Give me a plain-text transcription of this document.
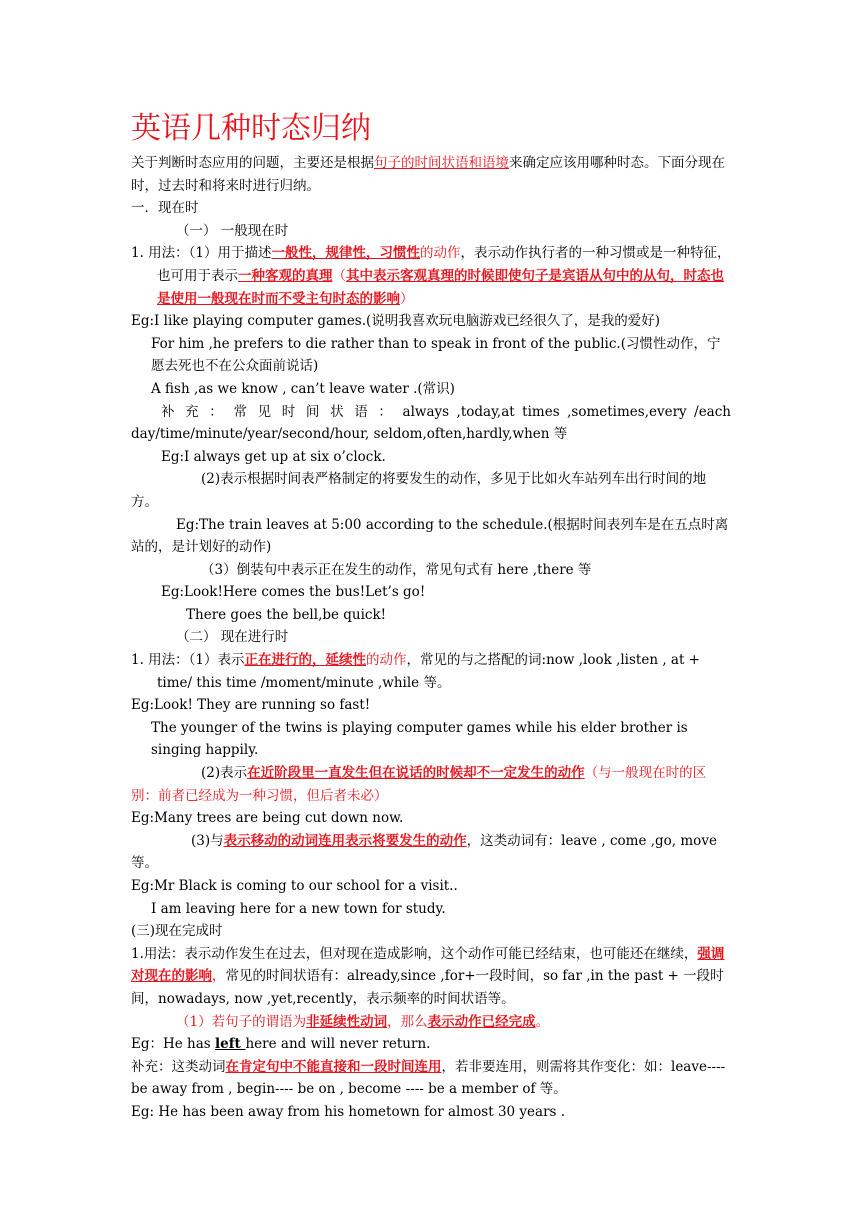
英语几种时态归纳

关于判断时态应用的问题，主要还是根据句子的时间状语和语境来确定应该用哪种时态。下面分现在时，过去时和将来时进行归纳。

一．现在时

（一） 一般现在时

1. 用法：（1）用于描述一般性，规律性，习惯性的动作，表示动作执行者的一种习惯或是一种特征，也可用于表示一种客观的真理（其中表示客观真理的时候即使句子是宾语从句中的从句，时态也是使用一般现在时而不受主句时态的影响）

Eg:I like playing computer games.(说明我喜欢玩电脑游戏已经很久了，是我的爱好)

For him ,he prefers to die rather than to speak in front of the public.(习惯性动作，宁愿去死也不在公众面前说话)

A fish ,as we know , can’t leave water .(常识)

补 充 ： 常 见 时 间 状 语 ： always ,today,at times ,sometimes,every /each

day/time/minute/year/second/hour, seldom,often,hardly,when 等

Eg:I always get up at six o’clock.

(2)表示根据时间表严格制定的将要发生的动作，多见于比如火车站列车出行时间的地方。

Eg:The train leaves at 5:00 according to the schedule.(根据时间表列车是在五点时离站的，是计划好的动作)

（3）倒装句中表示正在发生的动作，常见句式有 here ,there 等

Eg:Look!Here comes the bus!Let’s go!

There goes the bell,be quick!

（二） 现在进行时

1. 用法：（1）表示正在进行的，延续性的动作，常见的与之搭配的词:now ,look ,listen , at + time/ this time /moment/minute ,while 等。

Eg:Look! They are running so fast!

The younger of the twins is playing computer games while his elder brother is singing happily.

(2)表示在近阶段里一直发生但在说话的时候却不一定发生的动作（与一般现在时的区别：前者已经成为一种习惯，但后者未必）

Eg:Many trees are being cut down now.

(3)与表示移动的动词连用表示将要发生的动作，这类动词有：leave , come ,go, move 等。

Eg:Mr Black is coming to our school for a visit..

I am leaving here for a new town for study.

(三)现在完成时

1.用法：表示动作发生在过去，但对现在造成影响，这个动作可能已经结束，也可能还在继续，强调对现在的影响，常见的时间状语有：already,since ,for+一段时间，so far ,in the past + 一段时间，nowadays, now ,yet,recently，表示频率的时间状语等。

（1）若句子的谓语为非延续性动词，那么表示动作已经完成。

Eg：He has left here and will never return.

补充：这类动词在肯定句中不能直接和一段时间连用，若非要连用，则需将其作变化：如：leave----be away from , begin---- be on , become ---- be a member of 等。

Eg: He has been away from his hometown for almost 30 years .
